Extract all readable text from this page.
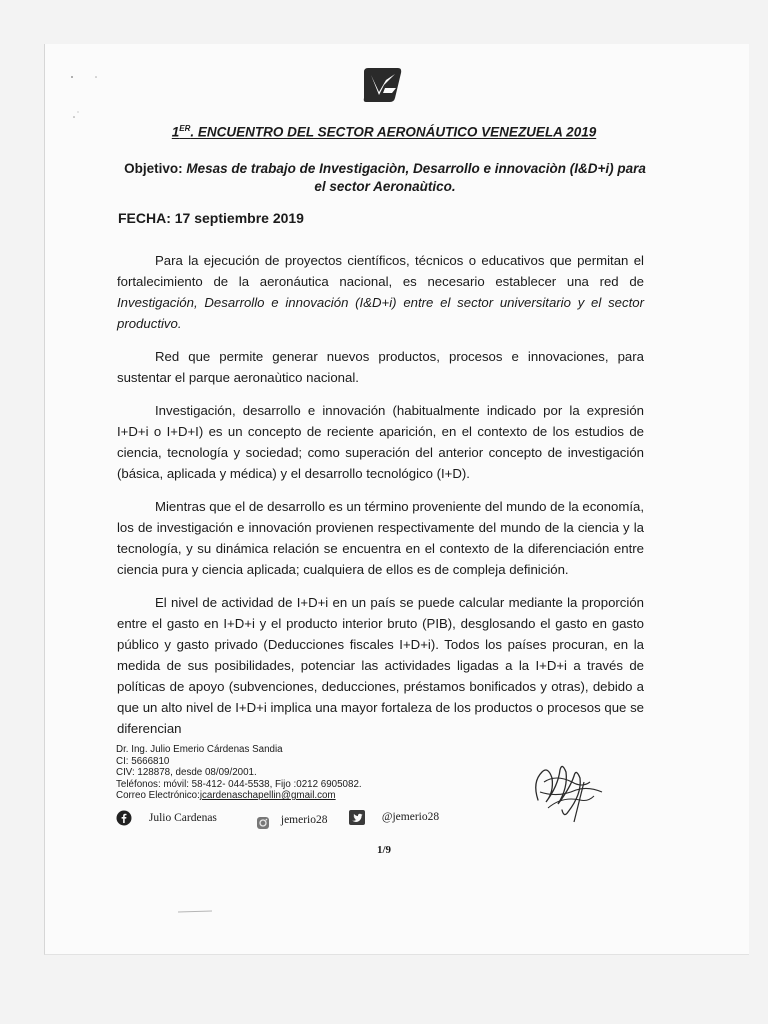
1ER. ENCUENTRO DEL SECTOR AERONÁUTICO VENEZUELA 2019
Objetivo: Mesas de trabajo de Investigaciòn, Desarrollo e innovaciòn (I&D+i) para el sector Aeronaùtico.
FECHA: 17 septiembre 2019

Para la ejecución de proyectos científicos, técnicos o educativos que permitan el fortalecimiento de la aeronáutica nacional, es necesario establecer una red de Investigación, Desarrollo e innovación (I&D+i) entre el sector universitario y el sector productivo.

Red que permite generar nuevos productos, procesos e innovaciones, para sustentar el parque aeronaùtico nacional.

Investigación, desarrollo e innovación (habitualmente indicado por la expresión I+D+i o I+D+I) es un concepto de reciente aparición, en el contexto de los estudios de ciencia, tecnología y sociedad; como superación del anterior concepto de investigación (básica, aplicada y médica) y el desarrollo tecnológico (I+D).

Mientras que el de desarrollo es un término proveniente del mundo de la economía, los de investigación e innovación provienen respectivamente del mundo de la ciencia y la tecnología, y su dinámica relación se encuentra en el contexto de la diferenciación entre ciencia pura y ciencia aplicada; cualquiera de ellos es de compleja definición.

El nivel de actividad de I+D+i en un país se puede calcular mediante la proporción entre el gasto en I+D+i y el producto interior bruto (PIB), desglosando el gasto en gasto público y gasto privado (Deducciones fiscales I+D+i). Todos los países procuran, en la medida de sus posibilidades, potenciar las actividades ligadas a la I+D+i a través de políticas de apoyo (subvenciones, deducciones, préstamos bonificados y otras), debido a que un alto nivel de I+D+i implica una mayor fortaleza de los productos o procesos que se diferencian

Dr. Ing. Julio Emerio Cárdenas Sandia
CI: 5666810
CIV: 128878, desde 08/09/2001.
Teléfonos: móvil: 58-412- 044-5538, Fijo :0212 6905082.
Correo Electrónico:jcardenaschapellin@gmail.com
Julio Cardenas	jemerio28	@jemerio28
1/9
